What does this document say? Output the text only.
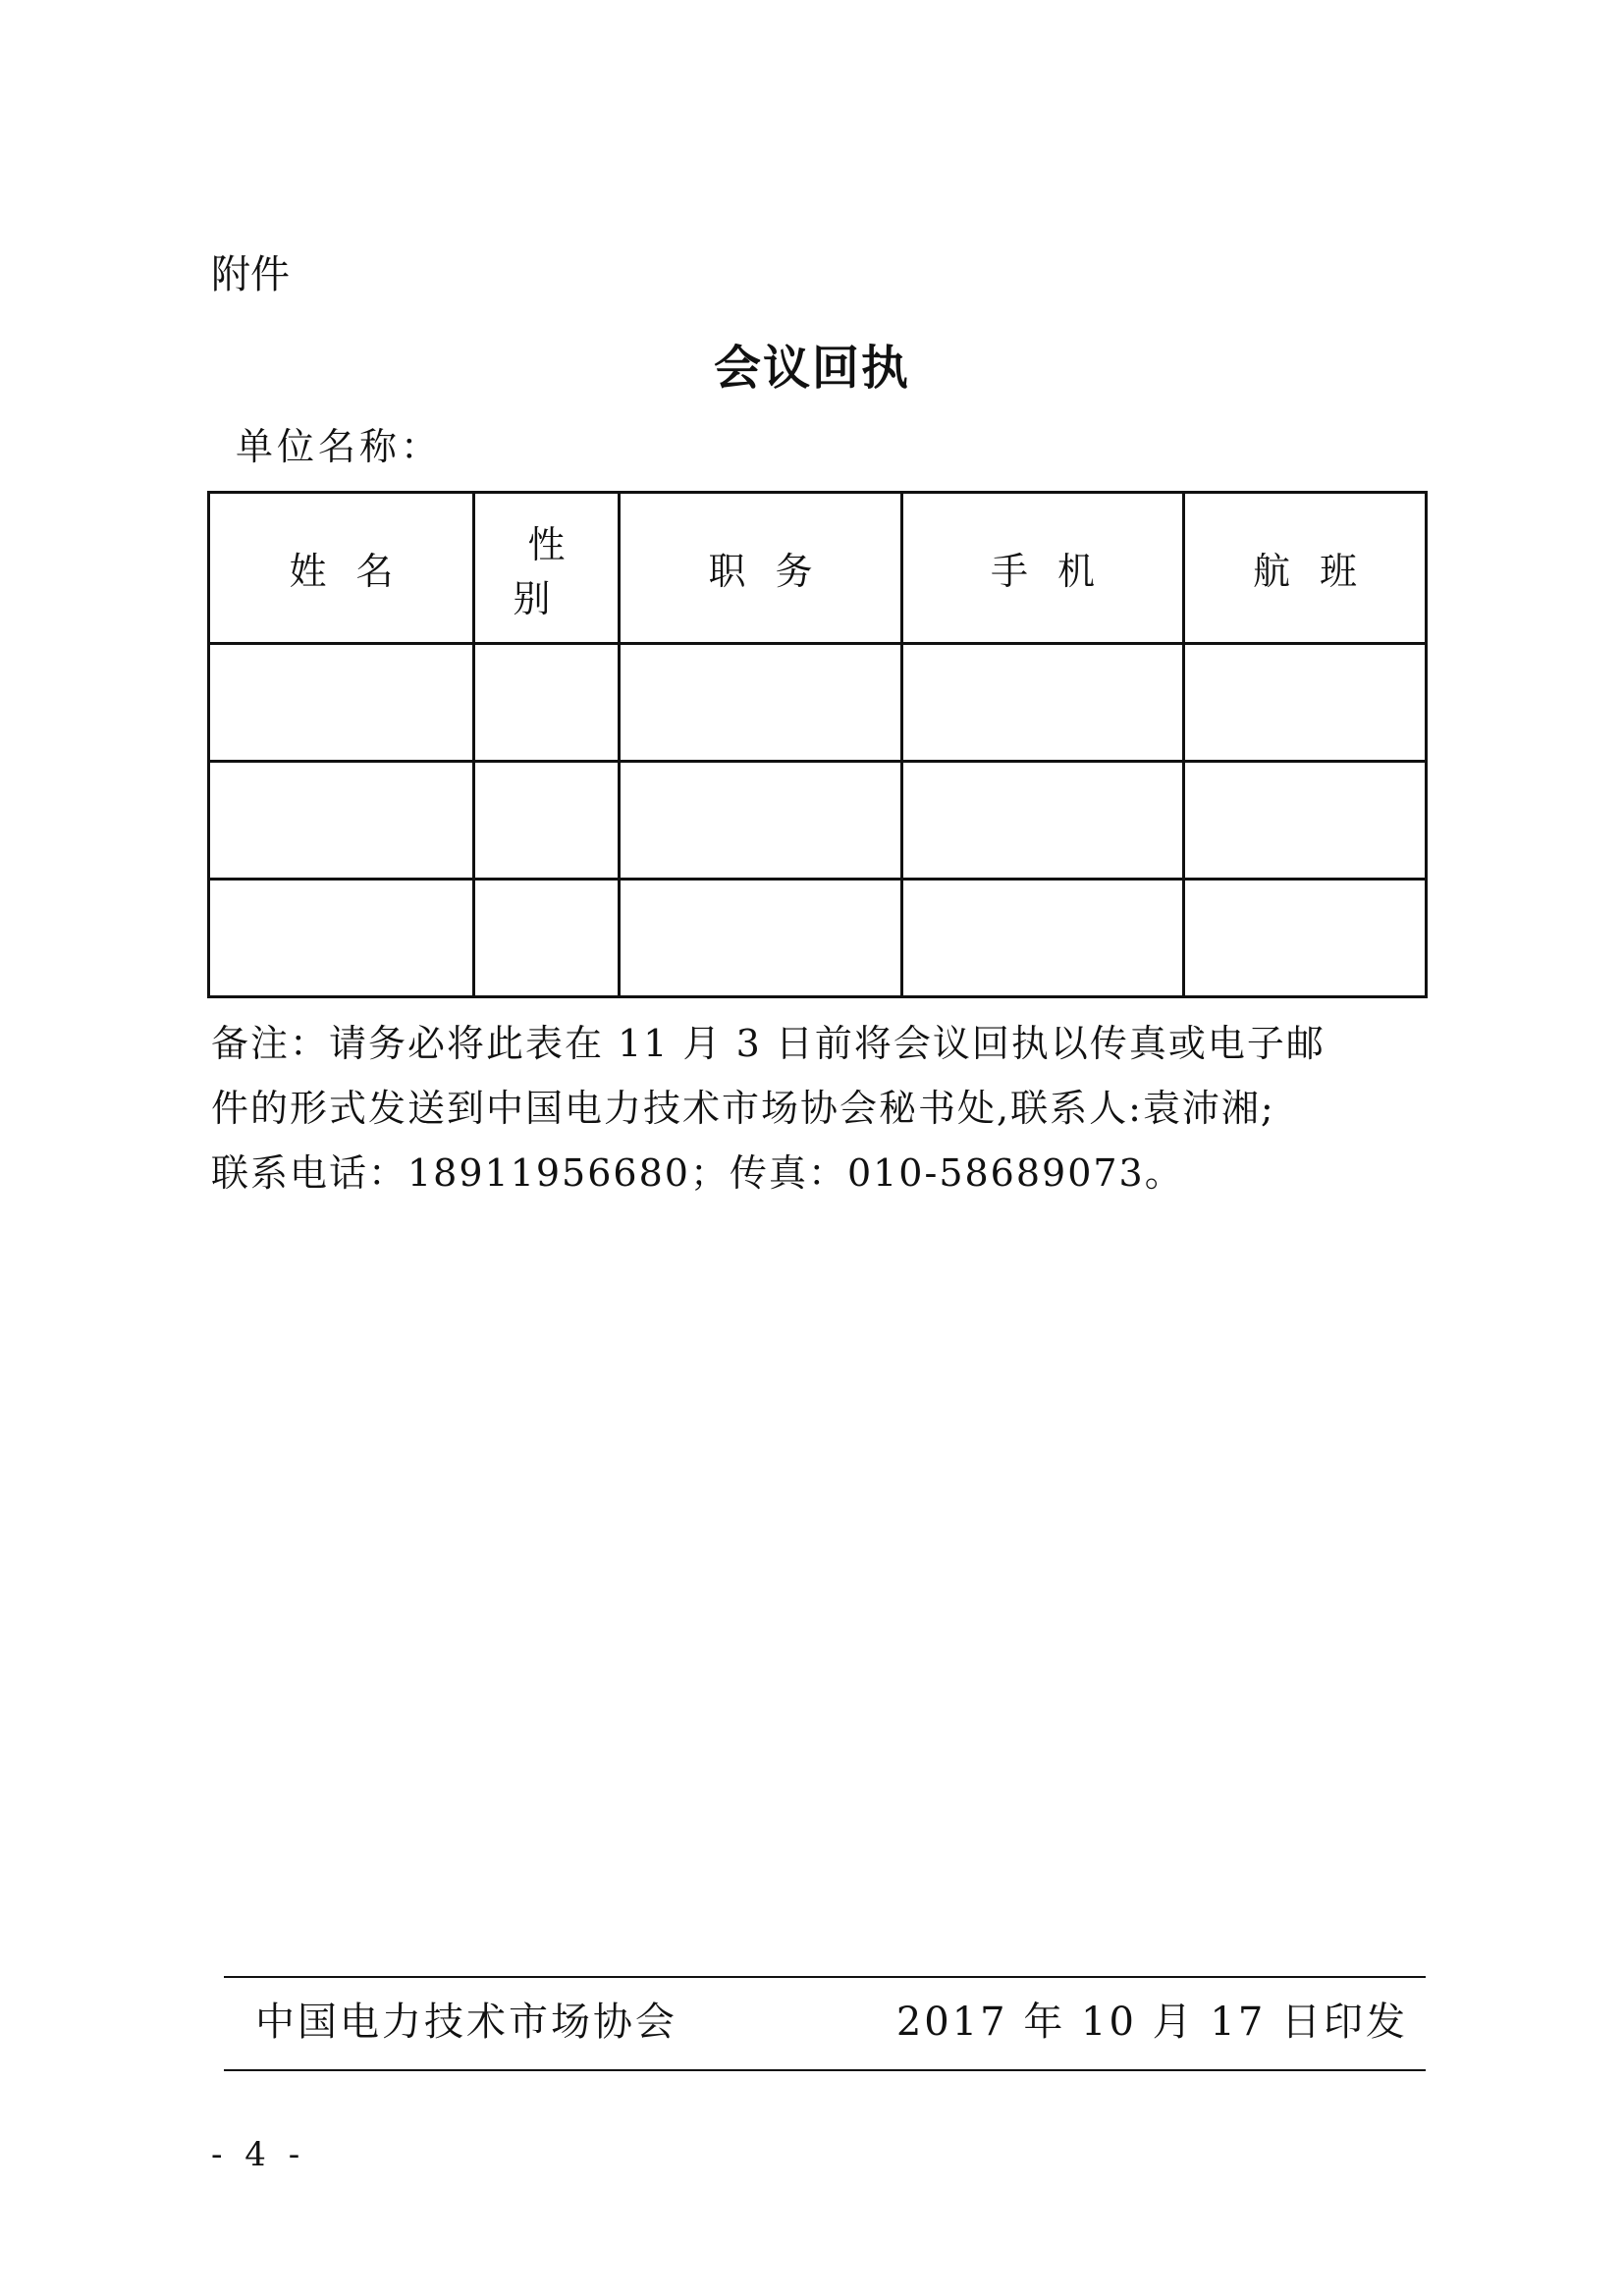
附件
会议回执
单位名称：
姓名	性别	职务	手机	航班

备注：请务必将此表在 11 月 3 日前将会议回执以传真或电子邮

件的形式发送到中国电力技术市场协会秘书处,联系人:袁沛湘;

联系电话：18911956680；传真：010-58689073。

中国电力技术市场协会	2017 年 10 月 17 日印发
- 4 -
